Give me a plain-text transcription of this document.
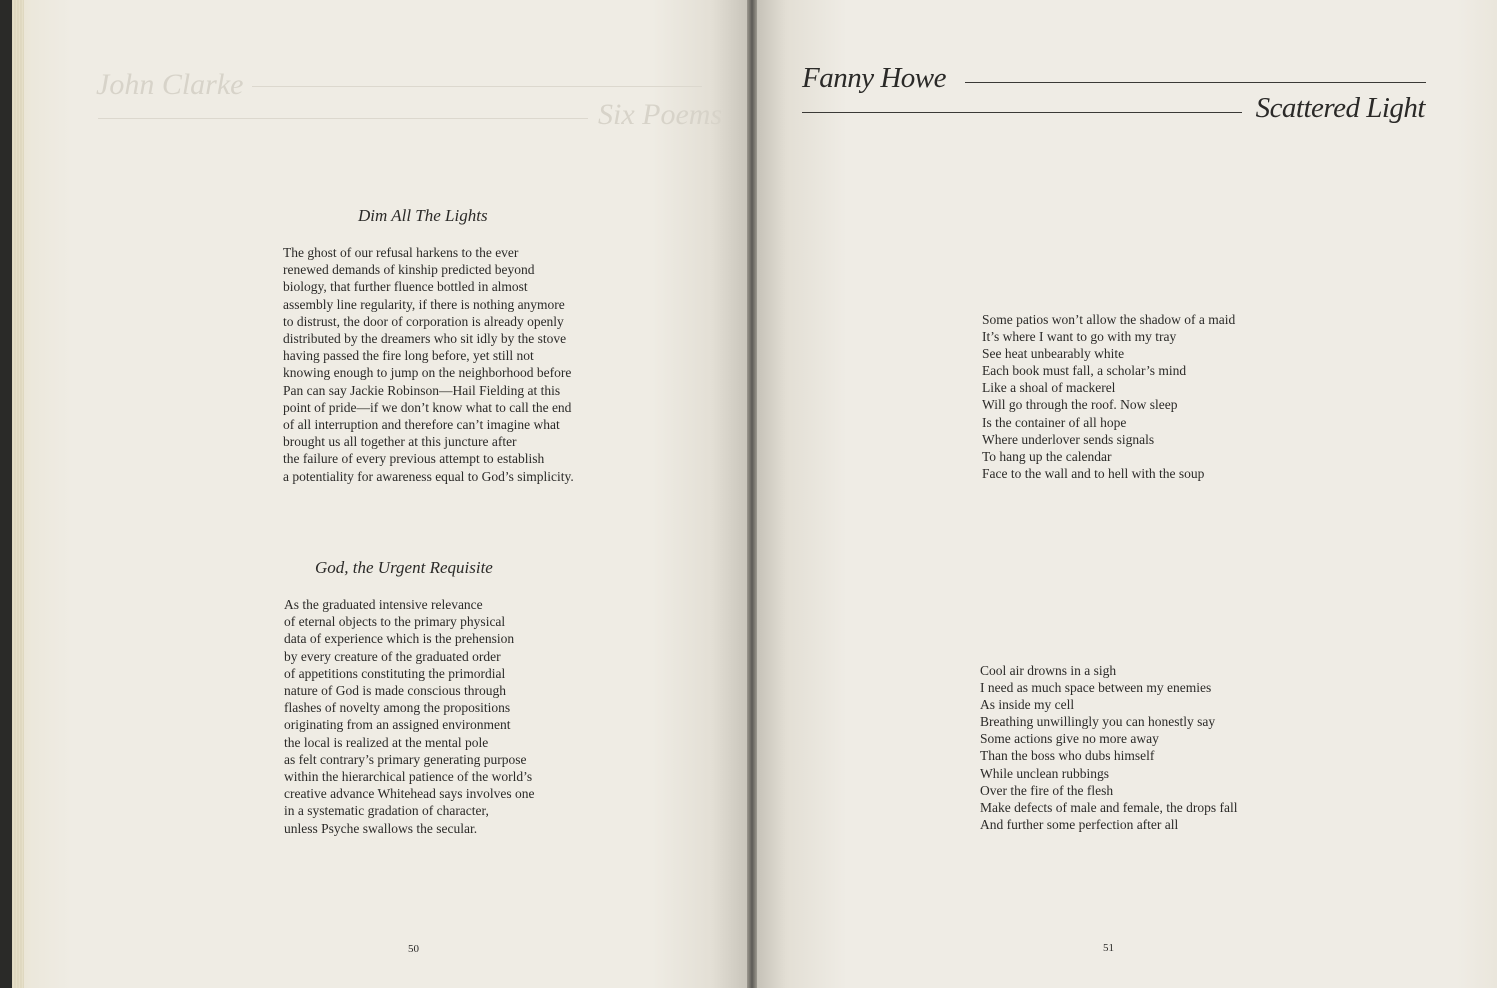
John Clarke
Six Poems
Dim All The Lights
The ghost of our refusal harkens to the ever
renewed demands of kinship predicted beyond
biology, that further fluence bottled in almost
assembly line regularity, if there is nothing anymore
to distrust, the door of corporation is already openly
distributed by the dreamers who sit idly by the stove
having passed the fire long before, yet still not
knowing enough to jump on the neighborhood before
Pan can say Jackie Robinson—Hail Fielding at this
point of pride—if we don’t know what to call the end
of all interruption and therefore can’t imagine what
brought us all together at this juncture after
the failure of every previous attempt to establish
a potentiality for awareness equal to God’s simplicity.
God, the Urgent Requisite
As the graduated intensive relevance
of eternal objects to the primary physical
data of experience which is the prehension
by every creature of the graduated order
of appetitions constituting the primordial
nature of God is made conscious through
flashes of novelty among the propositions
originating from an assigned environment
the local is realized at the mental pole
as felt contrary’s primary generating purpose
within the hierarchical patience of the world’s
creative advance Whitehead says involves one
in a systematic gradation of character,
unless Psyche swallows the secular.
50
Fanny Howe
Scattered Light
Some patios won’t allow the shadow of a maid
It’s where I want to go with my tray
See heat unbearably white
Each book must fall, a scholar’s mind
Like a shoal of mackerel
Will go through the roof. Now sleep
Is the container of all hope
Where underlover sends signals
To hang up the calendar
Face to the wall and to hell with the soup
Cool air drowns in a sigh
I need as much space between my enemies
As inside my cell
Breathing unwillingly you can honestly say
Some actions give no more away
Than the boss who dubs himself
While unclean rubbings
Over the fire of the flesh
Make defects of male and female, the drops fall
And further some perfection after all
51
